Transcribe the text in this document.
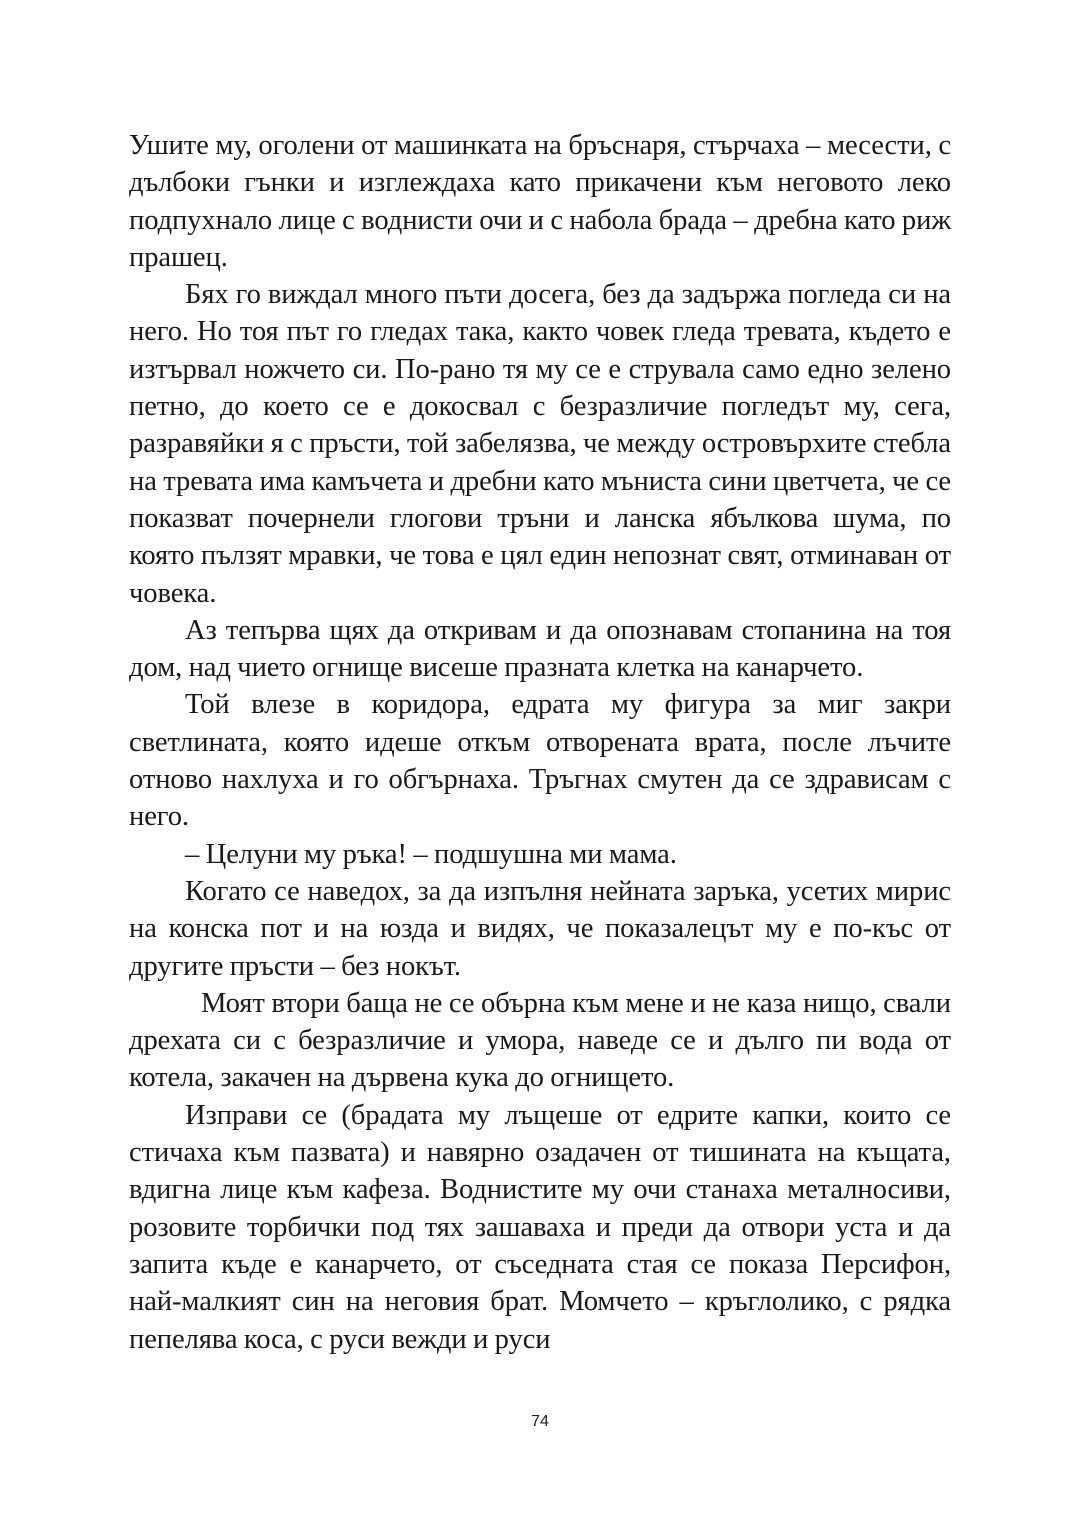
Ушите му, оголени от машинката на бръснаря, стърчаха – месести, с дълбоки гънки и изглеждаха като прикачени към неговото леко подпухнало лице с воднисти очи и с набола брада – дребна като риж прашец.

Бях го виждал много пъти досега, без да задържа погледа си на него. Но тоя път го гледах така, както човек гледа тревата, където е изтървал ножчето си. По-рано тя му се е струвала само едно зелено петно, до което се е докосвал с безразличие погледът му, сега, разравяйки я с пръсти, той забелязва, че между островърхите стебла на тревата има камъчета и дребни като мъниста сини цветчета, че се показват почернели глогови тръни и ланска ябълкова шума, по която пълзят мравки, че това е цял един непознат свят, отминаван от човека.

Аз тепърва щях да откривам и да опознавам стопанина на тоя дом, над чието огнище висеше празната клетка на канарчето.

Той влезе в коридора, едрата му фигура за миг закри светлината, която идеше откъм отворената врата, после лъчите отново нахлуха и го обгърнаха. Тръгнах смутен да се здрависам с него.

– Целуни му ръка! – подшушна ми мама.

Когато се наведох, за да изпълня нейната заръка, усетих мирис на конска пот и на юзда и видях, че показалецът му е по-къс от другите пръсти – без нокът.

Моят втори баща не се обърна към мене и не каза нищо, свали дрехата си с безразличие и умора, наведе се и дълго пи вода от котела, закачен на дървена кука до огнището.

Изправи се (брадата му лъщеше от едрите капки, които се стичаха към пазвата) и навярно озадачен от тишината на къщата, вдигна лице към кафеза. Воднистите му очи станаха металносиви, розовите торбички под тях зашаваха и преди да отвори уста и да запита къде е канарчето, от съседната стая се показа Персифон, най-малкият син на неговия брат. Момчето – кръглолико, с рядка пепелява коса, с руси вежди и руси

74
